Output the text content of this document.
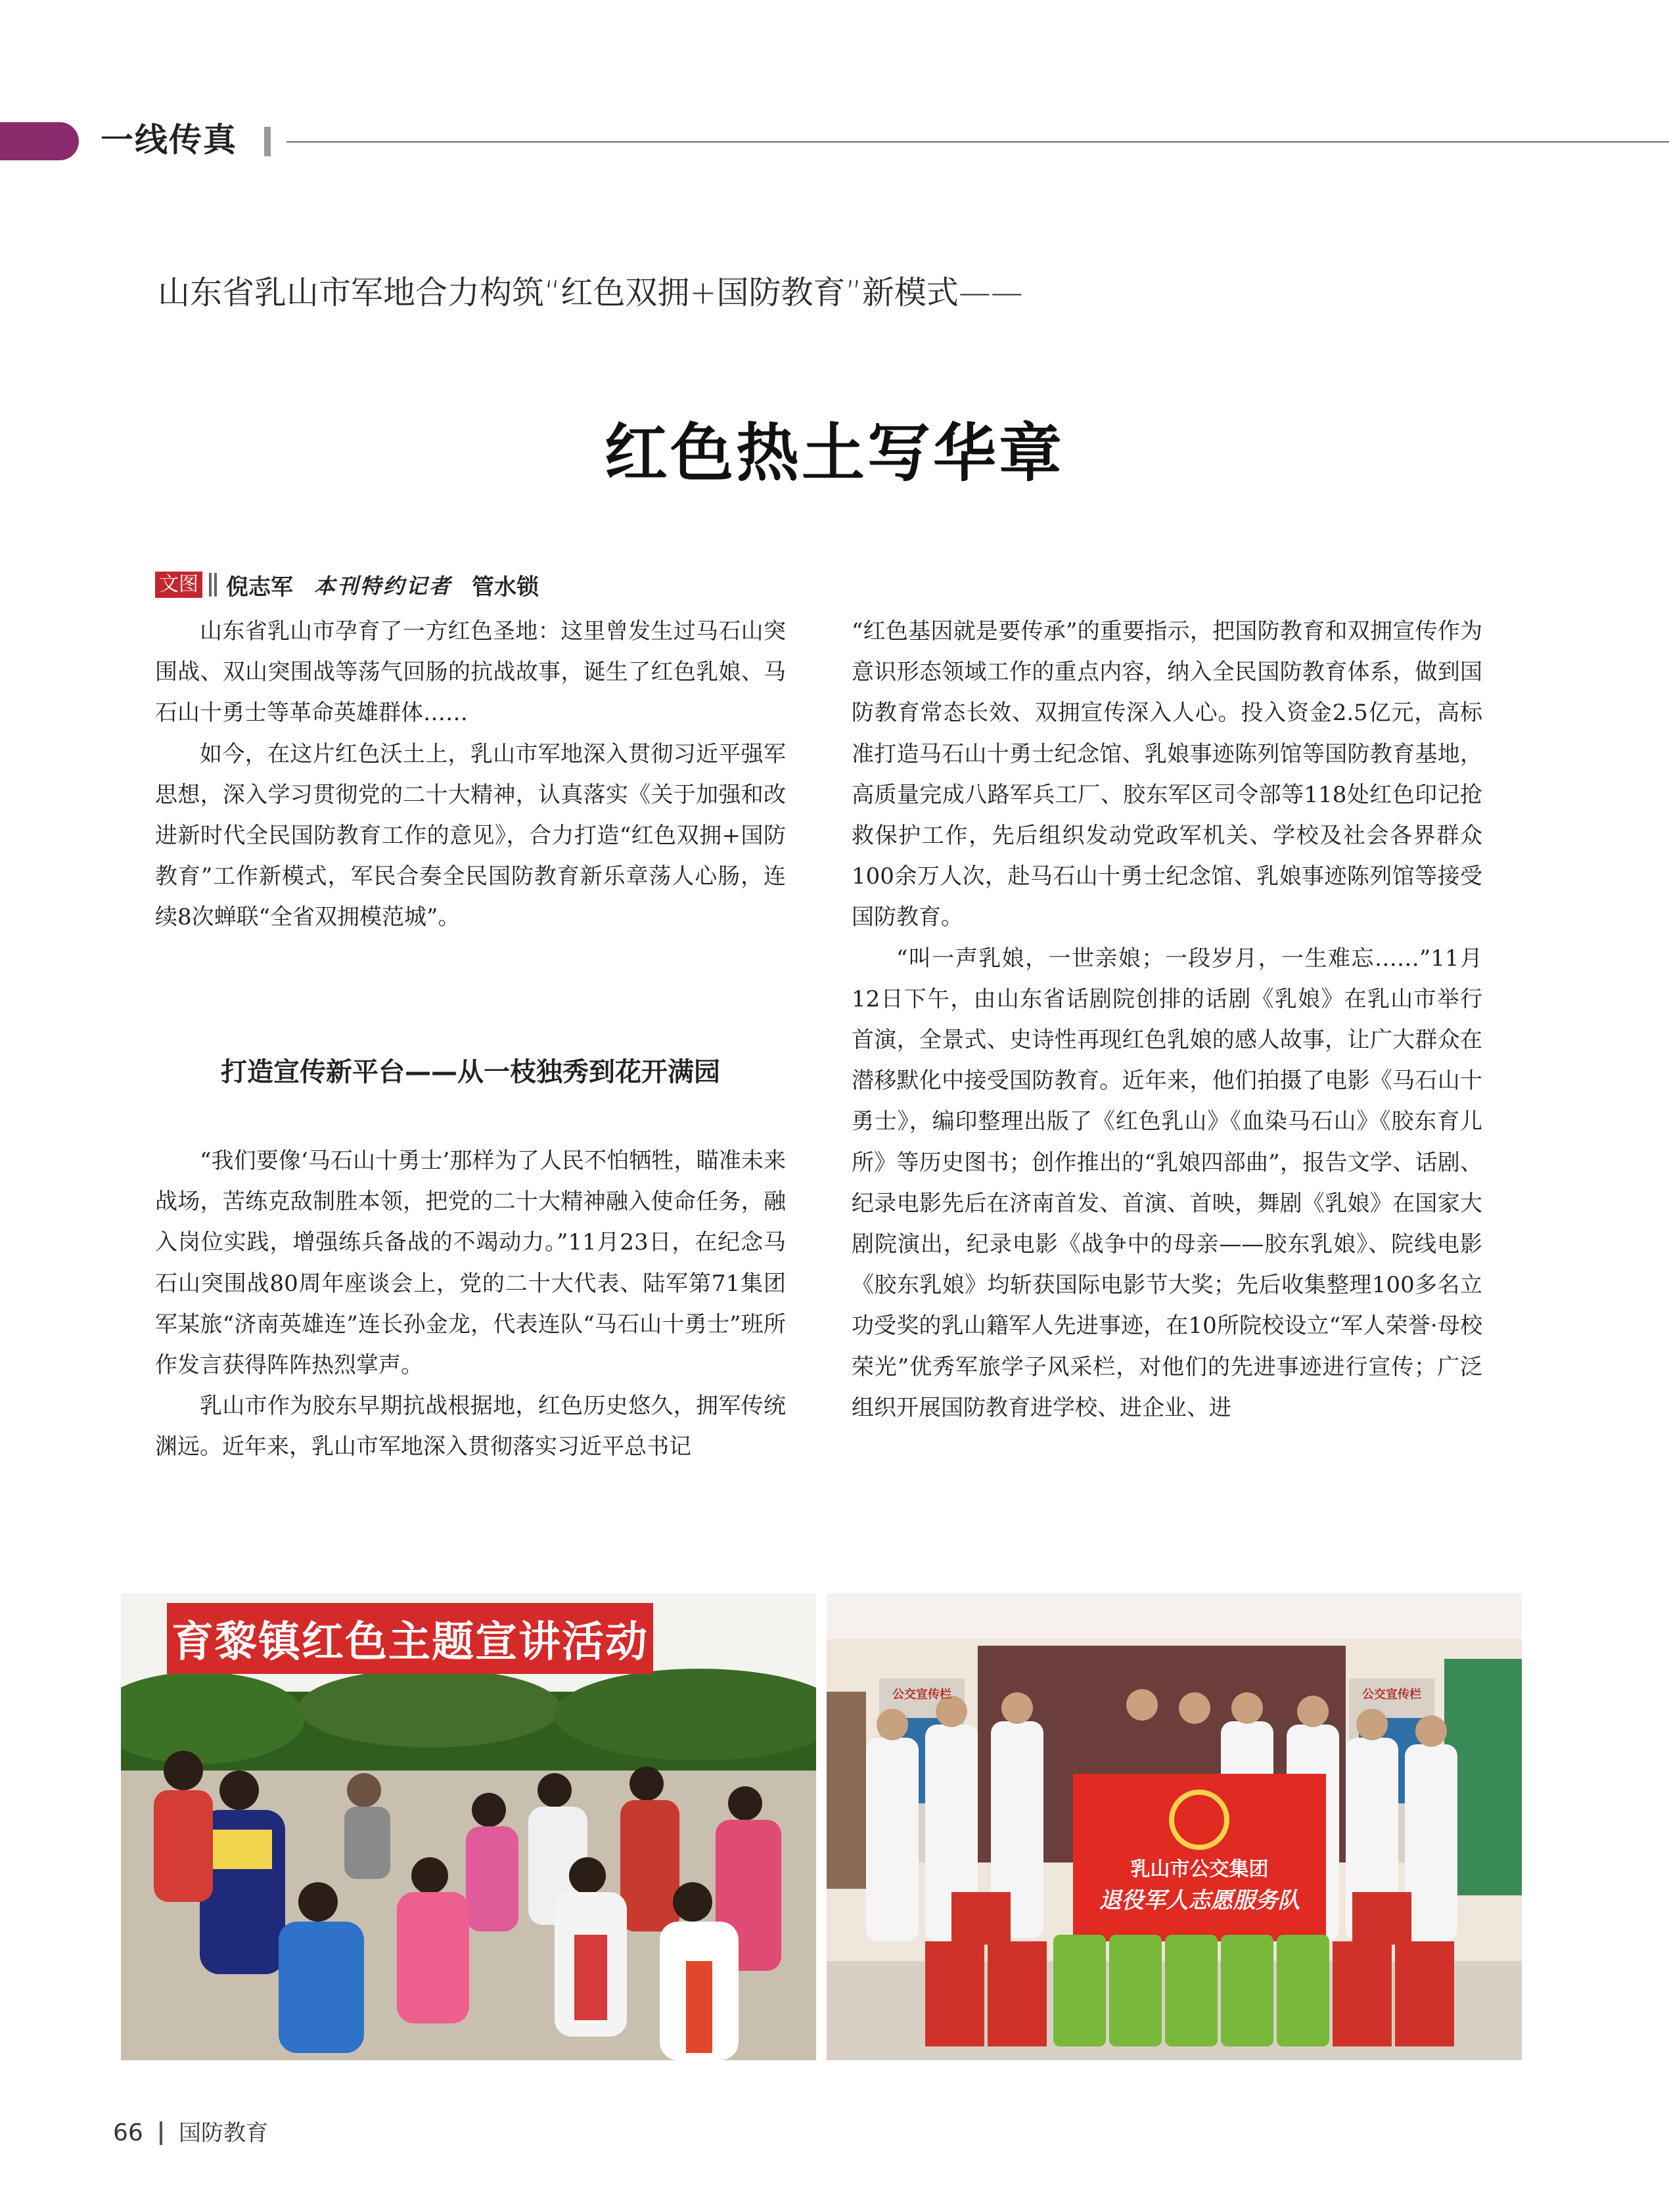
一线传真
山东省乳山市军地合力构筑“红色双拥+国防教育”新模式——
红色热土写华章
文图 倪志军 本刊特约记者 管水锁

山东省乳山市孕育了一方红色圣地：这里曾发生过马石山突围战、双山突围战等荡气回肠的抗战故事，诞生了红色乳娘、马石山十勇士等革命英雄群体……

如今，在这片红色沃土上，乳山市军地深入贯彻习近平强军思想，深入学习贯彻党的二十大精神，认真落实《关于加强和改进新时代全民国防教育工作的意见》，合力打造“红色双拥+国防教育”工作新模式，军民合奏全民国防教育新乐章荡人心肠，连续8次蝉联“全省双拥模范城”。

打造宣传新平台——从一枝独秀到花开满园

“我们要像‘马石山十勇士’那样为了人民不怕牺牲，瞄准未来战场，苦练克敌制胜本领，把党的二十大精神融入使命任务，融入岗位实践，增强练兵备战的不竭动力。”11月23日，在纪念马石山突围战80周年座谈会上，党的二十大代表、陆军第71集团军某旅“济南英雄连”连长孙金龙，代表连队“马石山十勇士”班所作发言获得阵阵热烈掌声。

乳山市作为胶东早期抗战根据地，红色历史悠久，拥军传统渊远。近年来，乳山市军地深入贯彻落实习近平总书记

“红色基因就是要传承”的重要指示，把国防教育和双拥宣传作为意识形态领域工作的重点内容，纳入全民国防教育体系，做到国防教育常态长效、双拥宣传深入人心。投入资金2.5亿元，高标准打造马石山十勇士纪念馆、乳娘事迹陈列馆等国防教育基地，高质量完成八路军兵工厂、胶东军区司令部等118处红色印记抢救保护工作，先后组织发动党政军机关、学校及社会各界群众100余万人次，赴马石山十勇士纪念馆、乳娘事迹陈列馆等接受国防教育。

“叫一声乳娘，一世亲娘；一段岁月，一生难忘……”11月12日下午，由山东省话剧院创排的话剧《乳娘》在乳山市举行首演，全景式、史诗性再现红色乳娘的感人故事，让广大群众在潜移默化中接受国防教育。近年来，他们拍摄了电影《马石山十勇士》，编印整理出版了《红色乳山》《血染马石山》《胶东育儿所》等历史图书；创作推出的“乳娘四部曲”，报告文学、话剧、纪录电影先后在济南首发、首演、首映，舞剧《乳娘》在国家大剧院演出，纪录电影《战争中的母亲——胶东乳娘》、院线电影《胶东乳娘》均斩获国际电影节大奖；先后收集整理100多名立功受奖的乳山籍军人先进事迹，在10所院校设立“军人荣誉·母校荣光”优秀军旅学子风采栏，对他们的先进事迹进行宣传；广泛组织开展国防教育进学校、进企业、进

育黎镇红色主题宣讲活动
乳山市公交集团
退役军人志愿服务队
公交宣传栏	公交宣传栏
66 国防教育
